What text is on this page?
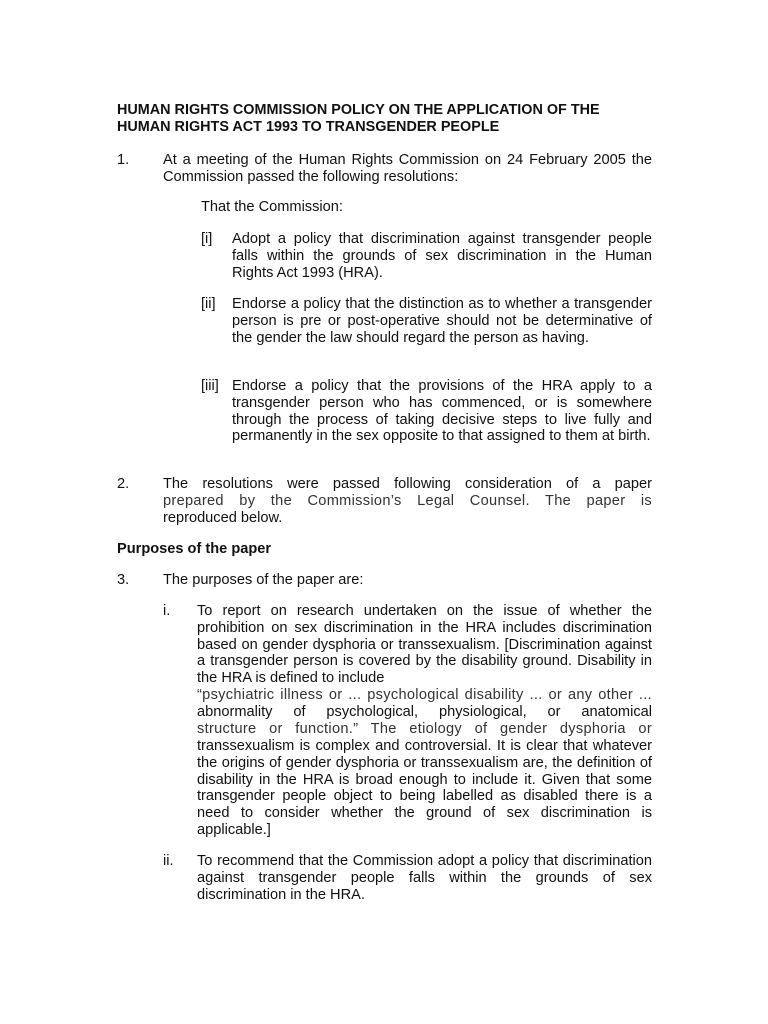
HUMAN RIGHTS COMMISSION POLICY ON THE APPLICATION OF THE
HUMAN RIGHTS ACT 1993 TO TRANSGENDER PEOPLE
1. At a meeting of the Human Rights Commission on 24 February 2005 the Commission passed the following resolutions:
That the Commission:
[i] Adopt a policy that discrimination against transgender people falls within the grounds of sex discrimination in the Human Rights Act 1993 (HRA).
[ii] Endorse a policy that the distinction as to whether a transgender person is pre or post-operative should not be determinative of the gender the law should regard the person as having.
[iii] Endorse a policy that the provisions of the HRA apply to a transgender person who has commenced, or is somewhere through the process of taking decisive steps to live fully and permanently in the sex opposite to that assigned to them at birth.
2. The resolutions were passed following consideration of a paper
prepared by the Commission’s Legal Counsel. The paper is
reproduced below.
Purposes of the paper
3. The purposes of the paper are:
i. To report on research undertaken on the issue of whether the prohibition on sex discrimination in the HRA includes discrimination based on gender dysphoria or transsexualism. [Discrimination against a transgender person is covered by the disability ground. Disability in the HRA is defined to include
“psychiatric illness or ... psychological disability ... or any other ...
abnormality of psychological, physiological, or anatomical
structure or function.” The etiology of gender dysphoria or
transsexualism is complex and controversial. It is clear that whatever the origins of gender dysphoria or transsexualism are, the definition of disability in the HRA is broad enough to include it. Given that some transgender people object to being labelled as disabled there is a need to consider whether the ground of sex discrimination is applicable.]
ii. To recommend that the Commission adopt a policy that discrimination against transgender people falls within the grounds of sex discrimination in the HRA.
